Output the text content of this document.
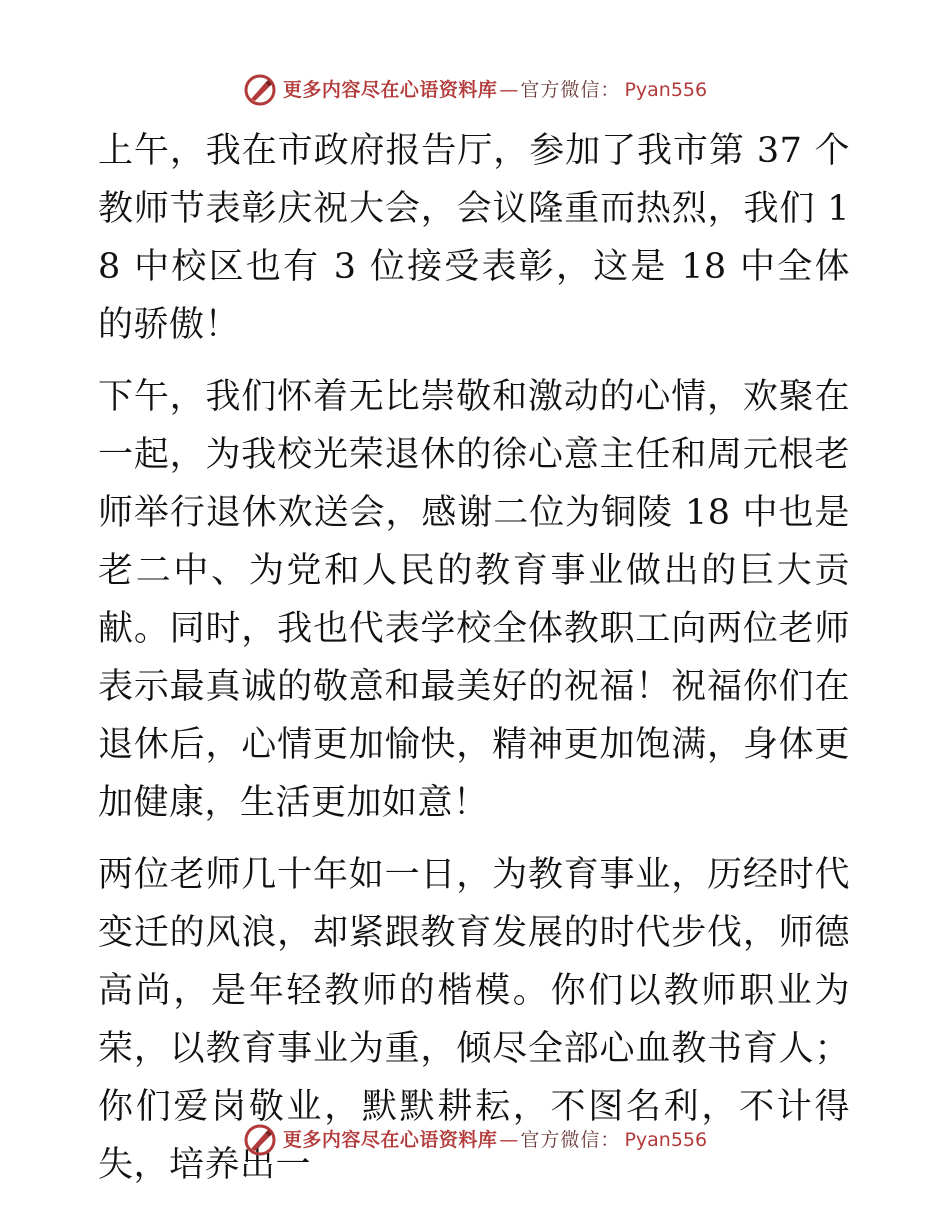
更多内容尽在心语资料库 — 官方微信： Pyan556

上午，我在市政府报告厅，参加了我市第 37 个教师节表彰庆祝大会，会议隆重而热烈，我们 18 中校区也有 3 位接受表彰，这是 18 中全体的骄傲！

下午，我们怀着无比崇敬和激动的心情，欢聚在一起，为我校光荣退休的徐心意主任和周元根老师举行退休欢送会，感谢二位为铜陵 18 中也是老二中、为党和人民的教育事业做出的巨大贡献。同时，我也代表学校全体教职工向两位老师表示最真诚的敬意和最美好的祝福！祝福你们在退休后，心情更加愉快，精神更加饱满，身体更加健康，生活更加如意！

两位老师几十年如一日，为教育事业，历经时代变迁的风浪，却紧跟教育发展的时代步伐，师德高尚，是年轻教师的楷模。你们以教师职业为荣，以教育事业为重，倾尽全部心血教书育人；你们爱岗敬业，默默耕耘，不图名利，不计得失，培养出一

更多内容尽在心语资料库 — 官方微信： Pyan556
